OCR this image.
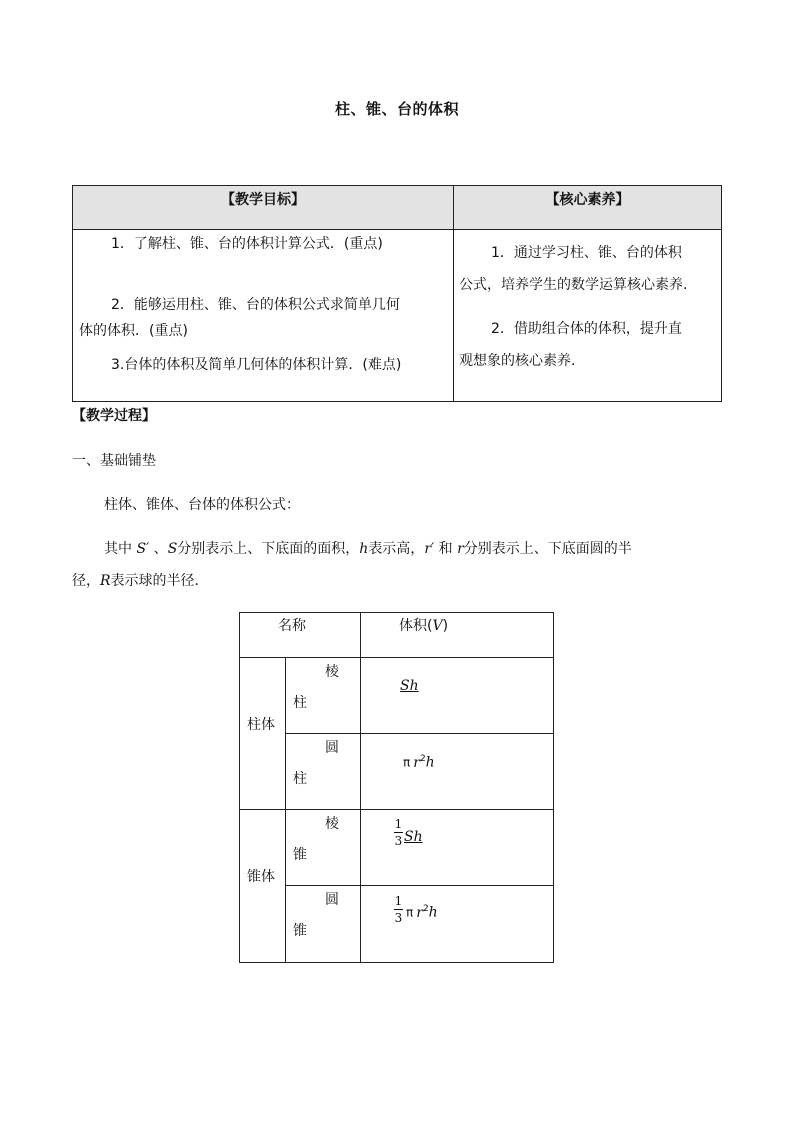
柱、锥、台的体积
【教学目标】	【核心素养】

1．了解柱、锥、台的体积计算公式．(重点)

2．能够运用柱、锥、台的体积公式求简单几何

体的体积．(重点)

3.台体的体积及简单几何体的体积计算．(难点)

1．通过学习柱、锥、台的体积

公式，培养学生的数学运算核心素养.

2．借助组合体的体积，提升直

观想象的核心素养.

【教学过程】
一、基础铺垫
柱体、锥体、台体的体积公式：
其中 S′ 、S分别表示上、下底面的面积，h表示高，r′ 和 r分别表示上、下底面圆的半
径，R表示球的半径．
名称	体积(V)
柱体
锥体
棱
柱
Sh
圆
柱
π $r^2h$
棱
锥
1
3 Sh
圆
锥
1
3 π $r^2h$
